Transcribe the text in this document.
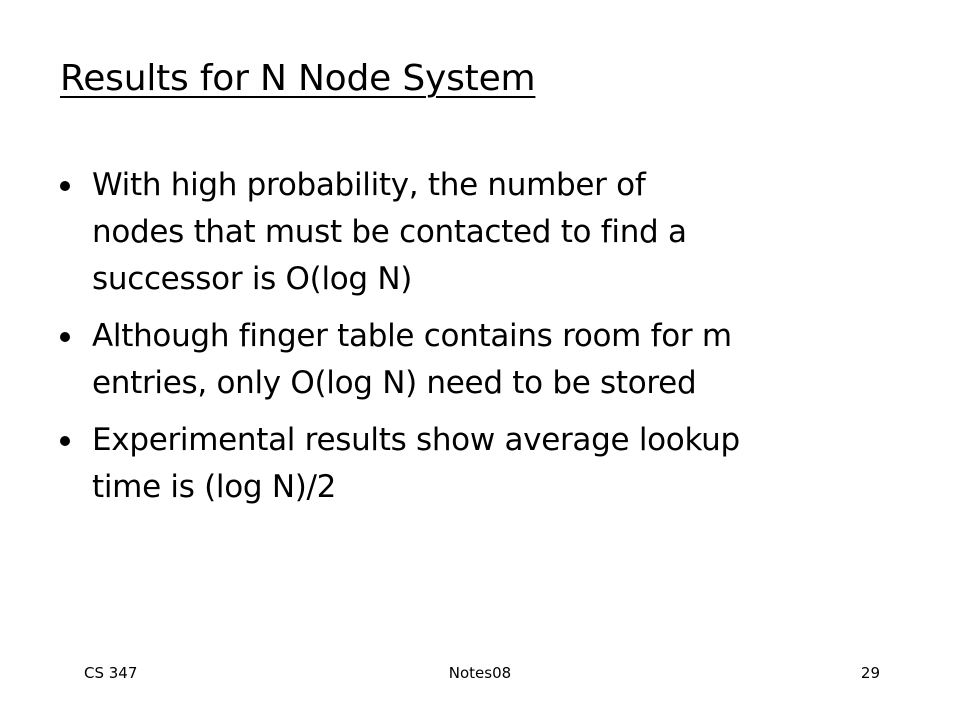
Results for N Node System
With high probability, the number of
nodes that must be contacted to find a
successor is O(log N)
Although finger table contains room for m
entries, only O(log N) need to be stored
Experimental results show average lookup
time is (log N)/2
CS 347	Notes08	29
